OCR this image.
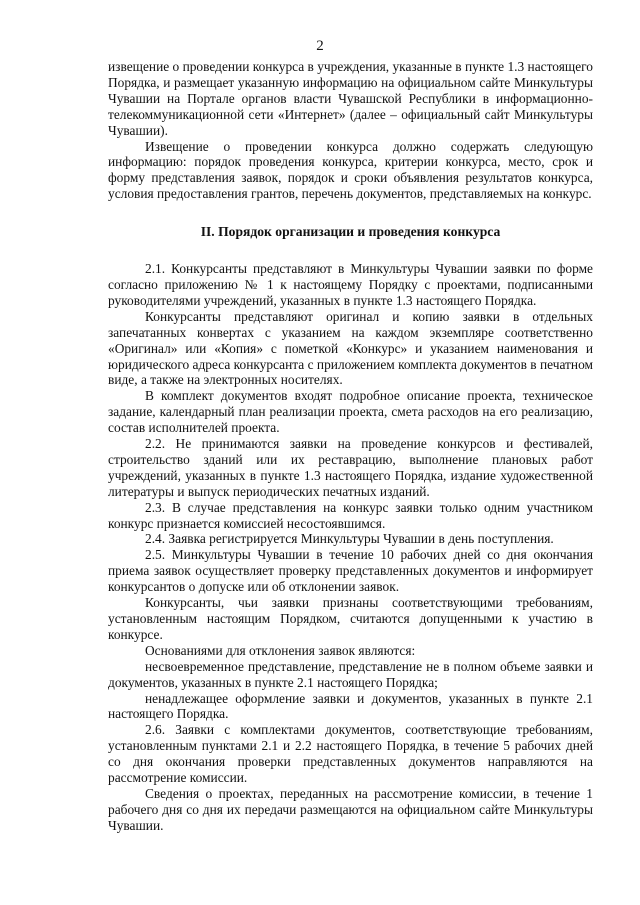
2

извещение о проведении конкурса в учреждения, указанные в пункте 1.3 настоящего Порядка, и размещает указанную информацию на официальном сайте Минкультуры Чувашии на Портале органов власти Чувашской Республики в информационно-телекоммуникационной сети «Интернет» (далее – официальный сайт Минкультуры Чувашии).

Извещение о проведении конкурса должно содержать следующую информацию: порядок проведения конкурса, критерии конкурса, место, срок и форму представления заявок, порядок и сроки объявления результатов конкурса, условия предоставления грантов, перечень документов, представляемых на конкурс.

II. Порядок организации и проведения конкурса

2.1. Конкурсанты представляют в Минкультуры Чувашии заявки по форме согласно приложению № 1 к настоящему Порядку с проектами, подписанными руководителями учреждений, указанных в пункте 1.3 настоящего Порядка.

Конкурсанты представляют оригинал и копию заявки в отдельных запечатанных конвертах с указанием на каждом экземпляре соответственно «Оригинал» или «Копия» с пометкой «Конкурс» и указанием наименования и юридического адреса конкурсанта с приложением комплекта документов в печатном виде, а также на электронных носителях.

В комплект документов входят подробное описание проекта, техническое задание, календарный план реализации проекта, смета расходов на его реализацию, состав исполнителей проекта.

2.2. Не принимаются заявки на проведение конкурсов и фестивалей, строительство зданий или их реставрацию, выполнение плановых работ учреждений, указанных в пункте 1.3 настоящего Порядка, издание художественной литературы и выпуск периодических печатных изданий.

2.3. В случае представления на конкурс заявки только одним участником конкурс признается комиссией несостоявшимся.

2.4. Заявка регистрируется Минкультуры Чувашии в день поступления.

2.5. Минкультуры Чувашии в течение 10 рабочих дней со дня окончания приема заявок осуществляет проверку представленных документов и информирует конкурсантов о допуске или об отклонении заявок.

Конкурсанты, чьи заявки признаны соответствующими требованиям, установленным настоящим Порядком, считаются допущенными к участию в конкурсе.

Основаниями для отклонения заявок являются:

несвоевременное представление, представление не в полном объеме заявки и документов, указанных в пункте 2.1 настоящего Порядка;

ненадлежащее оформление заявки и документов, указанных в пункте 2.1 настоящего Порядка.

2.6. Заявки с комплектами документов, соответствующие требованиям, установленным пунктами 2.1 и 2.2 настоящего Порядка, в течение 5 рабочих дней со дня окончания проверки представленных документов направляются на рассмотрение комиссии.

Сведения о проектах, переданных на рассмотрение комиссии, в течение 1 рабочего дня со дня их передачи размещаются на официальном сайте Минкультуры Чувашии.
